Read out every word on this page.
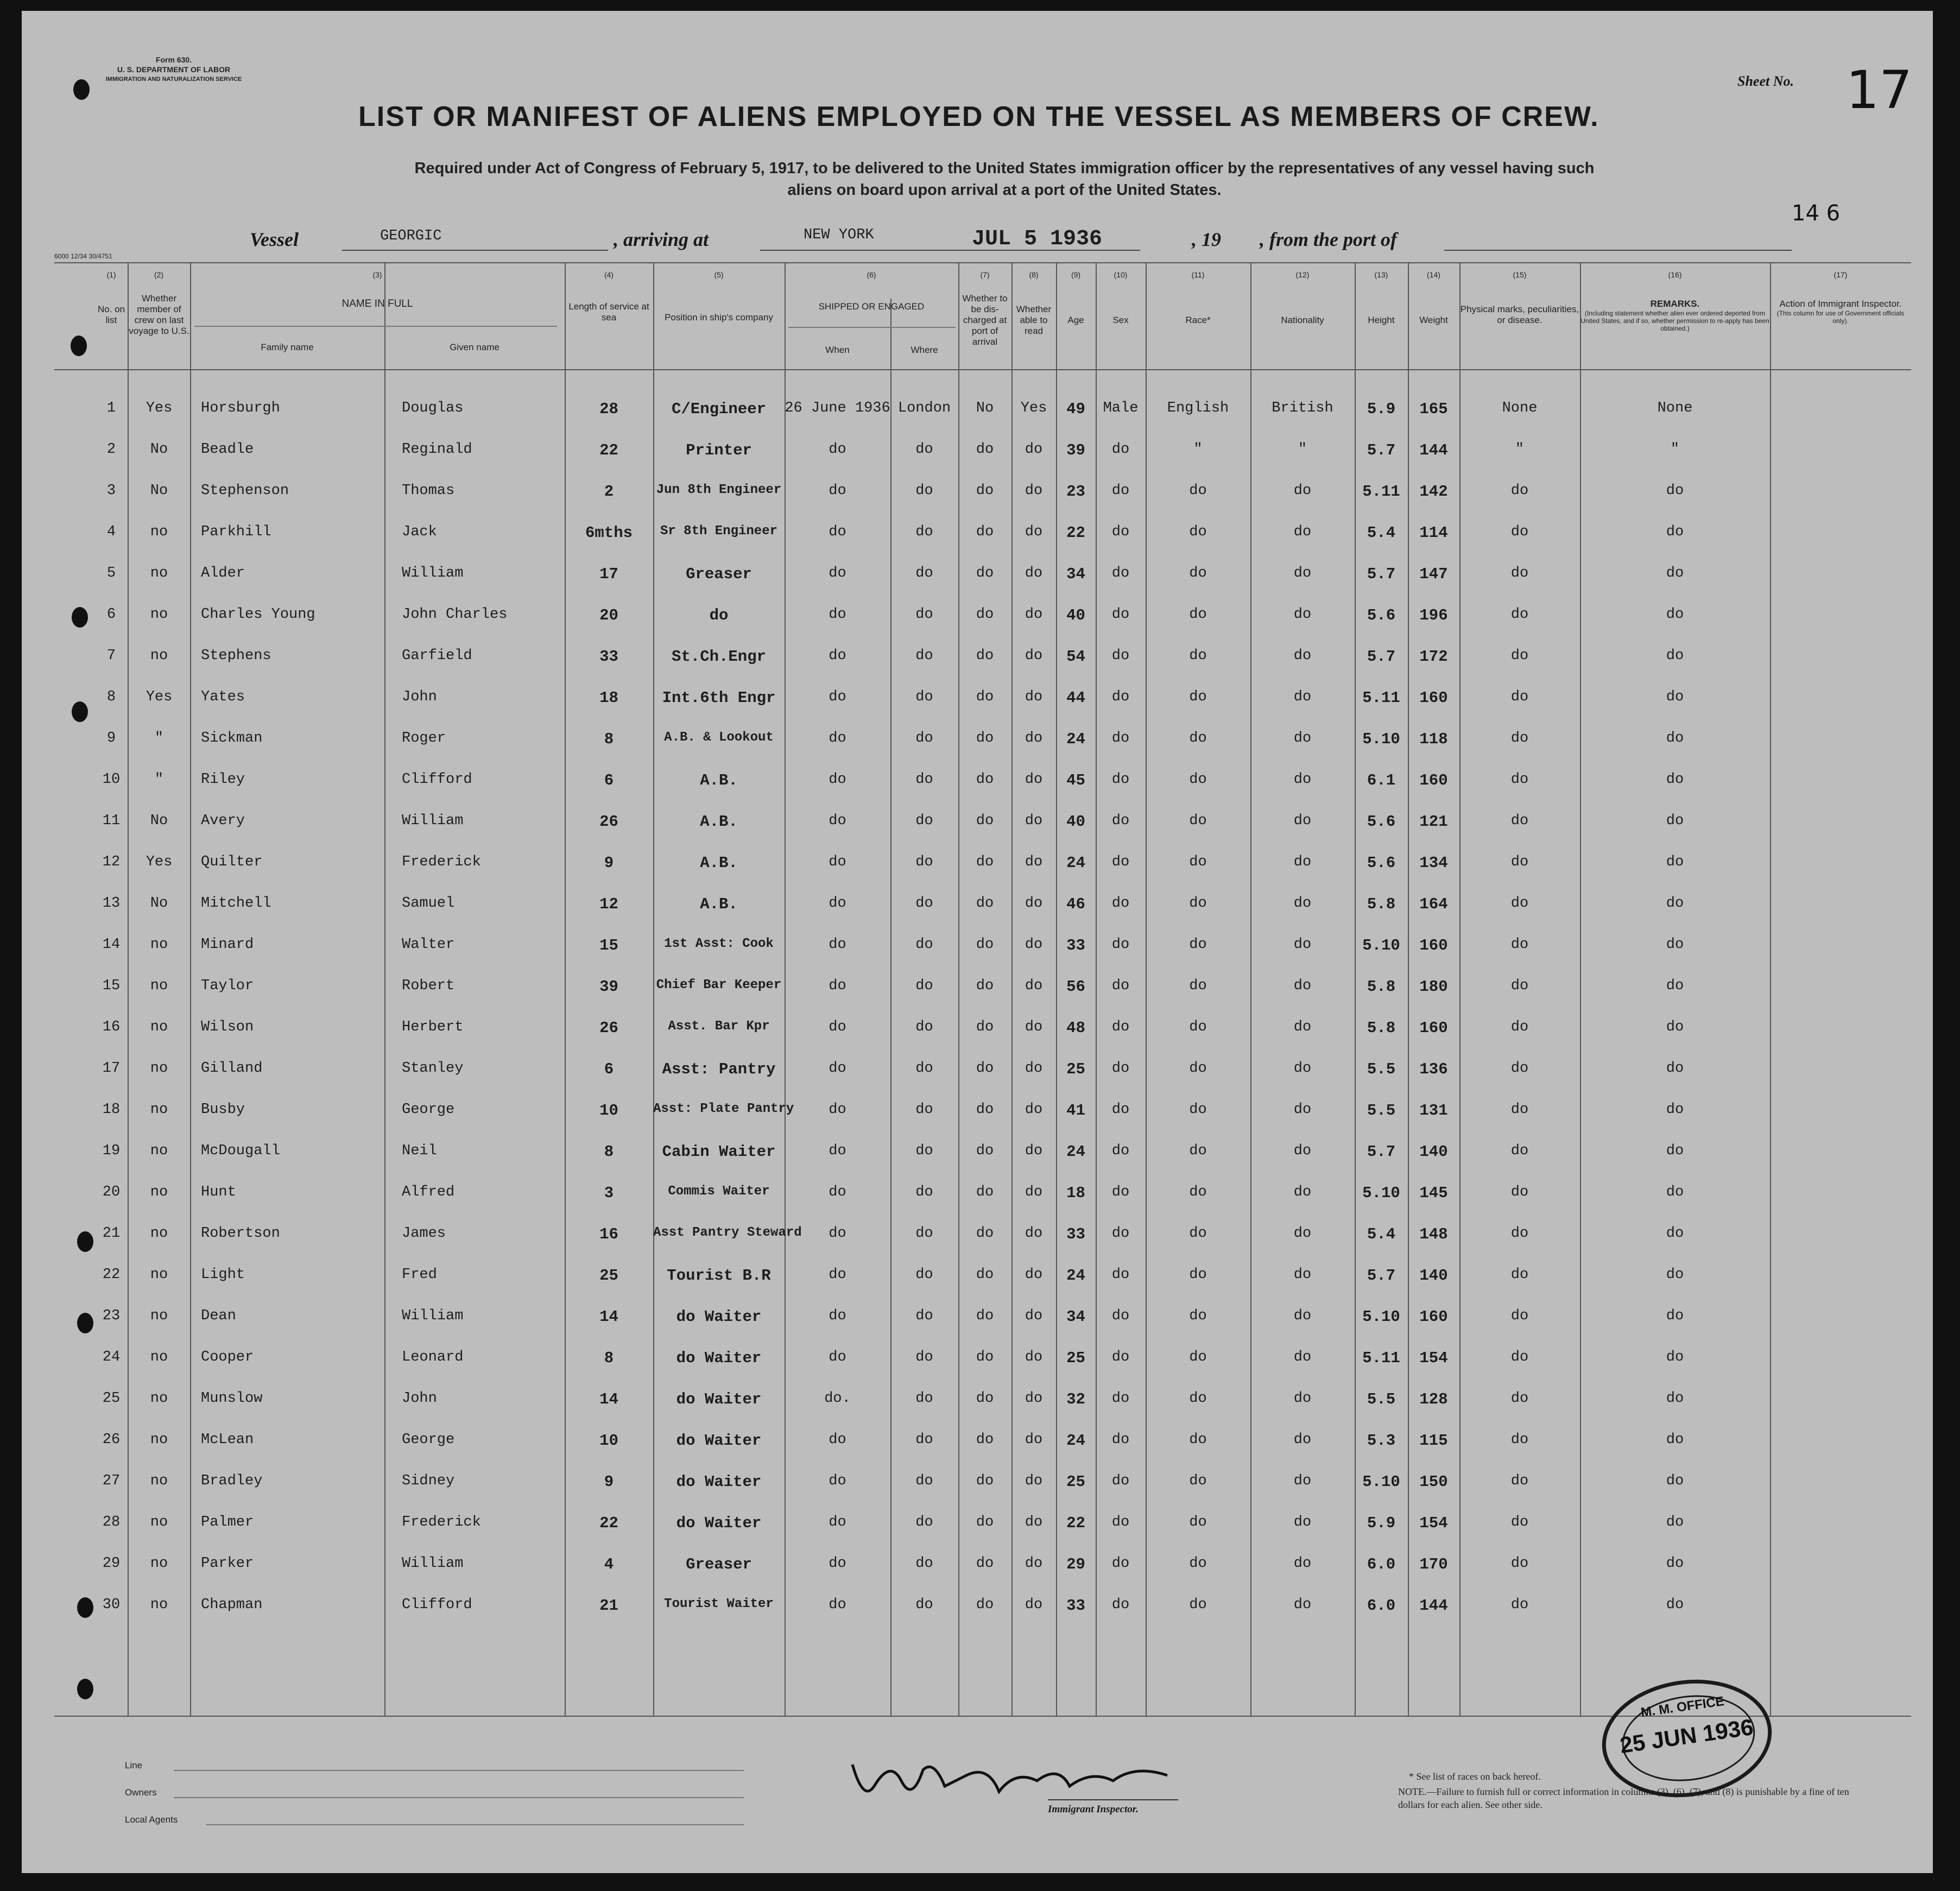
Form 630.
U. S. DEPARTMENT OF LABOR
IMMIGRATION AND NATURALIZATION SERVICE	Sheet No. 17
LIST OR MANIFEST OF ALIENS EMPLOYED ON THE VESSEL AS MEMBERS OF CREW.
Required under Act of Congress of February 5, 1917, to be delivered to the United States immigration officer by the representatives of any vessel having such
aliens on board upon arrival at a port of the United States.
14 6
Vessel	GEORGIC	, arriving at	NEW YORK	JUL 5 1936	, 19 , from the port of
6000 12/34 30/4751
(1)	(2)	(3)	(4)	(5)	(6)	(7)	(8)	(9)	(10)	(11)	(12)	(13)	(14)	(15)	(16)	(17)
No. on list
Whether member of crew on last voyage to U.S.
NAME IN FULL
Family name	Given name
Length of service at sea	Position in ship's company
SHIPPED OR ENGAGED
When	Where
Whether to be dis-charged at port of arrival
Whether able to read
Age	Sex	Race*	Nationality	Height	Weight
Physical marks, peculiarities, or disease.
REMARKS.
(Including statement whether alien ever ordered deported from United States, and if so, whether permission to re-apply has been obtained.)
Action of Immigrant Inspector.
(This column for use of Government officials only).
1	Yes	Horsburgh	Douglas	28	C/Engineer	26 June 1936 London	No	Yes	49	Male	English	British	5.9	165	None	None
2	No	Beadle	Reginald	22	Printer	do	do	do	do	39	do	"	"	5.7	144	"	"
3	No	Stephenson	Thomas	2	Jun 8th Engineer	do	do	do	do	23	do	do	do	5.11	142	do	do
4	no	Parkhill	Jack	6mths	Sr 8th Engineer	do	do	do	do	22	do	do	do	5.4	114	do	do
5	no	Alder	William	17	Greaser	do	do	do	do	34	do	do	do	5.7	147	do	do
6	no	Charles Young	John Charles	20	do	do	do	do	do	40	do	do	do	5.6	196	do	do
7	no	Stephens	Garfield	33	St.Ch.Engr	do	do	do	do	54	do	do	do	5.7	172	do	do
8	Yes	Yates	John	18	Int.6th Engr	do	do	do	do	44	do	do	do	5.11	160	do	do
9	"	Sickman	Roger	8	A.B. & Lookout	do	do	do	do	24	do	do	do	5.10	118	do	do
10	"	Riley	Clifford	6	A.B.	do	do	do	do	45	do	do	do	6.1	160	do	do
11	No	Avery	William	26	A.B.	do	do	do	do	40	do	do	do	5.6	121	do	do
12	Yes	Quilter	Frederick	9	A.B.	do	do	do	do	24	do	do	do	5.6	134	do	do
13	No	Mitchell	Samuel	12	A.B.	do	do	do	do	46	do	do	do	5.8	164	do	do
14	no	Minard	Walter	15	1st Asst: Cook	do	do	do	do	33	do	do	do	5.10	160	do	do
15	no	Taylor	Robert	39	Chief Bar Keeper	do	do	do	do	56	do	do	do	5.8	180	do	do
16	no	Wilson	Herbert	26	Asst. Bar Kpr	do	do	do	do	48	do	do	do	5.8	160	do	do
17	no	Gilland	Stanley	6	Asst: Pantry	do	do	do	do	25	do	do	do	5.5	136	do	do
18	no	Busby	George	10	Asst: Plate Pantry	do	do	do	do	41	do	do	do	5.5	131	do	do
19	no	McDougall	Neil	8	Cabin Waiter	do	do	do	do	24	do	do	do	5.7	140	do	do
20	no	Hunt	Alfred	3	Commis Waiter	do	do	do	do	18	do	do	do	5.10	145	do	do
21	no	Robertson	James	16	Asst Pantry Steward	do	do	do	do	33	do	do	do	5.4	148	do	do
22	no	Light	Fred	25	Tourist B.R	do	do	do	do	24	do	do	do	5.7	140	do	do
23	no	Dean	William	14	do Waiter	do	do	do	do	34	do	do	do	5.10	160	do	do
24	no	Cooper	Leonard	8	do Waiter	do	do	do	do	25	do	do	do	5.11	154	do	do
25	no	Munslow	John	14	do Waiter	do.	do	do	do	32	do	do	do	5.5	128	do	do
26	no	McLean	George	10	do Waiter	do	do	do	do	24	do	do	do	5.3	115	do	do
27	no	Bradley	Sidney	9	do Waiter	do	do	do	do	25	do	do	do	5.10	150	do	do
28	no	Palmer	Frederick	22	do Waiter	do	do	do	do	22	do	do	do	5.9	154	do	do
29	no	Parker	William	4	Greaser	do	do	do	do	29	do	do	do	6.0	170	do	do
30	no	Chapman	Clifford	21	Tourist Waiter	do	do	do	do	33	do	do	do	6.0	144	do	do
Line
Owners
Local Agents
Immigrant Inspector.
* See list of races on back hereof.
NOTE.—Failure to furnish full or correct information in columns (3), (6), (7), and (8) is punishable by a fine of ten dollars for each alien. See other side.
M. M. OFFICE
25 JUN 1936
